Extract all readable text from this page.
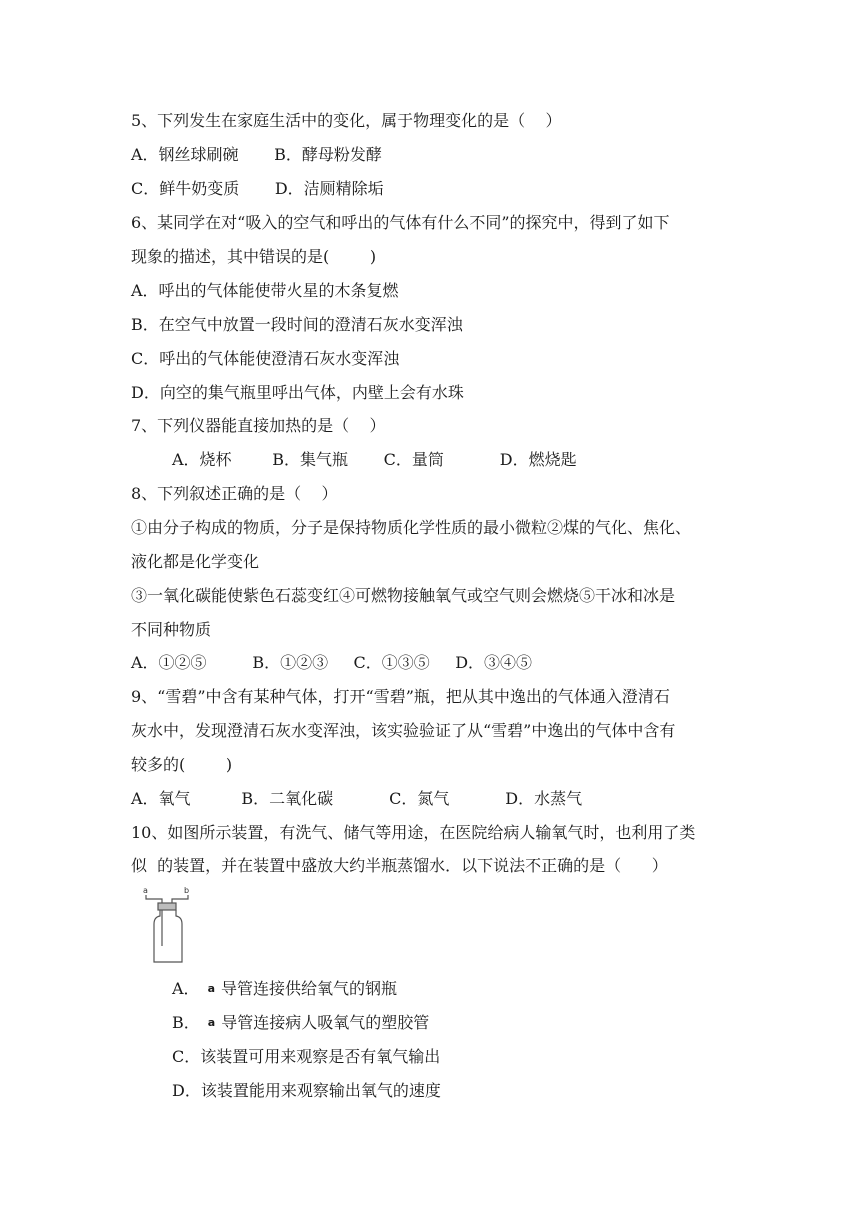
5、下列发生在家庭生活中的变化，属于物理变化的是（    ）
A．钢丝球刷碗       B．酵母粉发酵
C．鲜牛奶变质       D．洁厕精除垢
6、某同学在对“吸入的空气和呼出的气体有什么不同”的探究中，得到了如下
现象的描述，其中错误的是(        )
A．呼出的气体能使带火星的木条复燃
B．在空气中放置一段时间的澄清石灰水变浑浊
C．呼出的气体能使澄清石灰水变浑浊
D．向空的集气瓶里呼出气体，内壁上会有水珠
7、下列仪器能直接加热的是（    ）
A．烧杯        B．集气瓶       C．量筒           D．燃烧匙
8、下列叙述正确的是（    ）
①由分子构成的物质，分子是保持物质化学性质的最小微粒②煤的气化、焦化、
液化都是化学变化
③一氧化碳能使紫色石蕊变红④可燃物接触氧气或空气则会燃烧⑤干冰和冰是
不同种物质
A．①②⑤         B．①②③     C．①③⑤     D．③④⑤
9、“雪碧”中含有某种气体，打开“雪碧”瓶，把从其中逸出的气体通入澄清石
灰水中，发现澄清石灰水变浑浊，该实验验证了从“雪碧”中逸出的气体中含有
较多的(        )
A．氧气          B．二氧化碳           C．氮气           D．水蒸气
10、如图所示装置，有洗气、储气等用途，在医院给病人输氧气时，也利用了类
似  的装置，并在装置中盛放大约半瓶蒸馏水．以下说法不正确的是（      ）
a	b
A． a 导管连接供给氧气的钢瓶
B． a 导管连接病人吸氧气的塑胶管
C．该装置可用来观察是否有氧气输出
D．该装置能用来观察输出氧气的速度
